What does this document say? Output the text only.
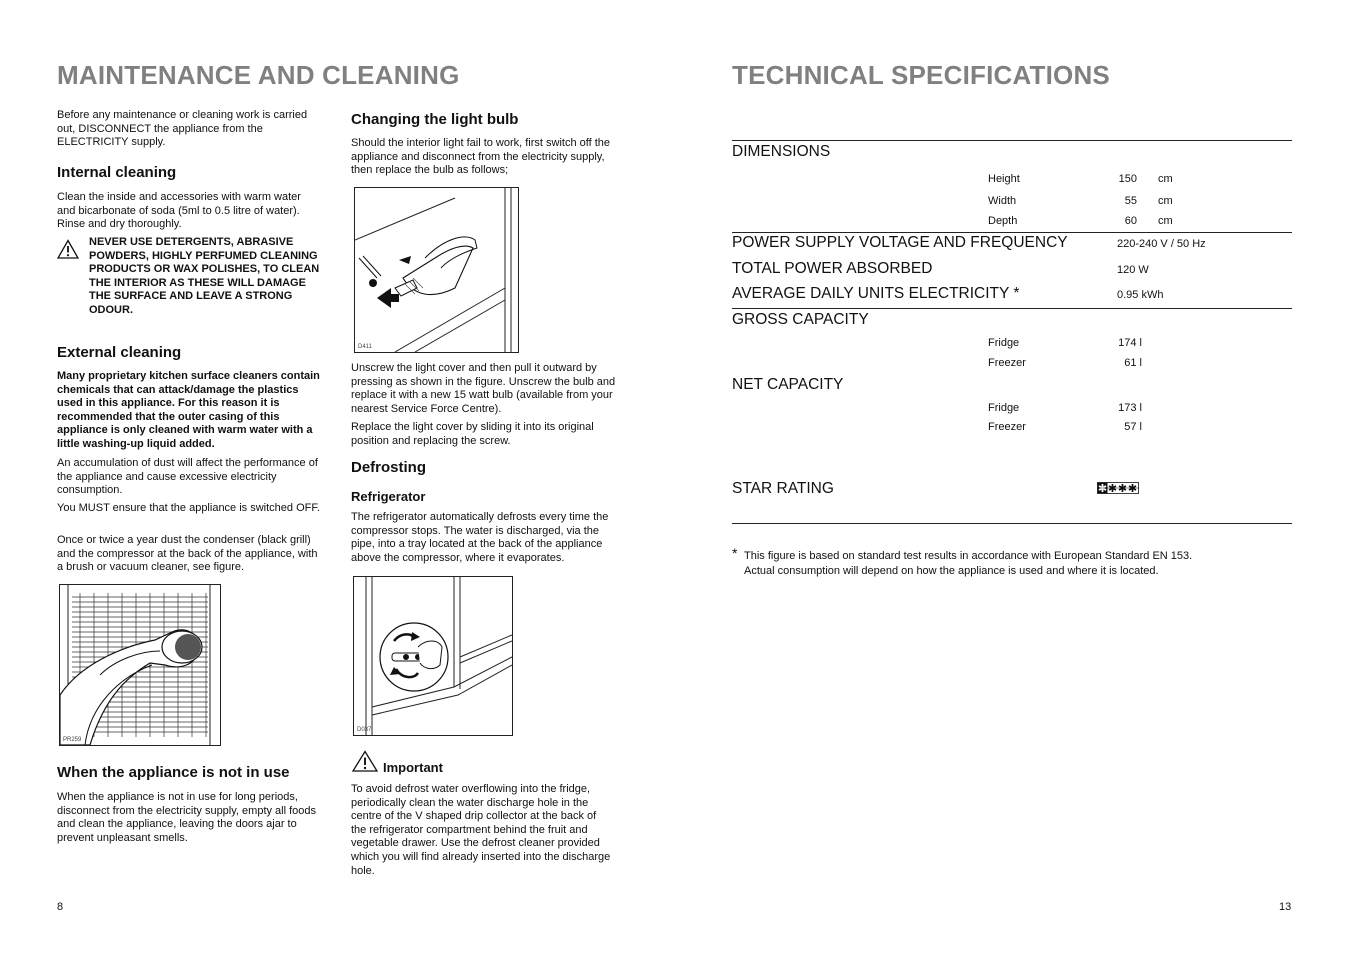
MAINTENANCE AND CLEANING
Before any maintenance or cleaning work is carried out, DISCONNECT the appliance from the ELECTRICITY supply.
Internal cleaning
Clean the inside and accessories with warm water and bicarbonate of soda (5ml to 0.5 litre of water). Rinse and dry thoroughly.
NEVER USE DETERGENTS, ABRASIVE POWDERS, HIGHLY PERFUMED CLEANING PRODUCTS OR WAX POLISHES, TO CLEAN THE INTERIOR AS THESE WILL DAMAGE THE SURFACE AND LEAVE A STRONG ODOUR.
External cleaning
Many proprietary kitchen surface cleaners contain chemicals that can attack/damage the plastics used in this appliance. For this reason it is recommended that the outer casing of this appliance is only cleaned with warm water with a little washing-up liquid added.
An accumulation of dust will affect the performance of the appliance and cause excessive electricity consumption.
You MUST ensure that the appliance is switched OFF.
Once or twice a year dust the condenser (black grill) and the compressor at the back of the appliance, with a brush or vacuum cleaner, see figure.
PR259
When the appliance is not in use
When the appliance is not in use for long periods, disconnect from the electricity supply, empty all foods and clean the appliance, leaving the doors ajar to prevent unpleasant smells.
8
Changing the light bulb
Should the interior light fail to work, first switch off the appliance and disconnect from the electricity supply, then replace the bulb as follows;
D411
Unscrew the light cover and then pull it outward by pressing as shown in the figure. Unscrew the bulb and replace it with a new 15 watt bulb (available from your nearest Service Force Centre).
Replace the light cover by sliding it into its original position and replacing the screw.
Defrosting
Refrigerator
The refrigerator automatically defrosts every time the compressor stops. The water is discharged, via the pipe, into a tray located at the back of the appliance above the compressor, where it evaporates.
D037
Important
To avoid defrost water overflowing into the fridge, periodically clean the water discharge hole in the centre of the V shaped drip collector at the back of the refrigerator compartment behind the fruit and vegetable drawer. Use the defrost cleaner provided which you will find already inserted into the discharge hole.
TECHNICAL SPECIFICATIONS
DIMENSIONS
Height	150 cm
Width	55 cm
Depth	60 cm
POWER SUPPLY VOLTAGE AND FREQUENCY	220-240 V / 50 Hz
TOTAL POWER ABSORBED	120 W
AVERAGE DAILY UNITS ELECTRICITY *	0.95 kWh
GROSS CAPACITY
Fridge	174 l
Freezer	61 l
NET CAPACITY
Fridge	173 l
Freezer	57 l
STAR RATING	✱ ✱ ✱ ✱
* This figure is based on standard test results in accordance with European Standard EN 153.
Actual consumption will depend on how the appliance is used and where it is located.
13
